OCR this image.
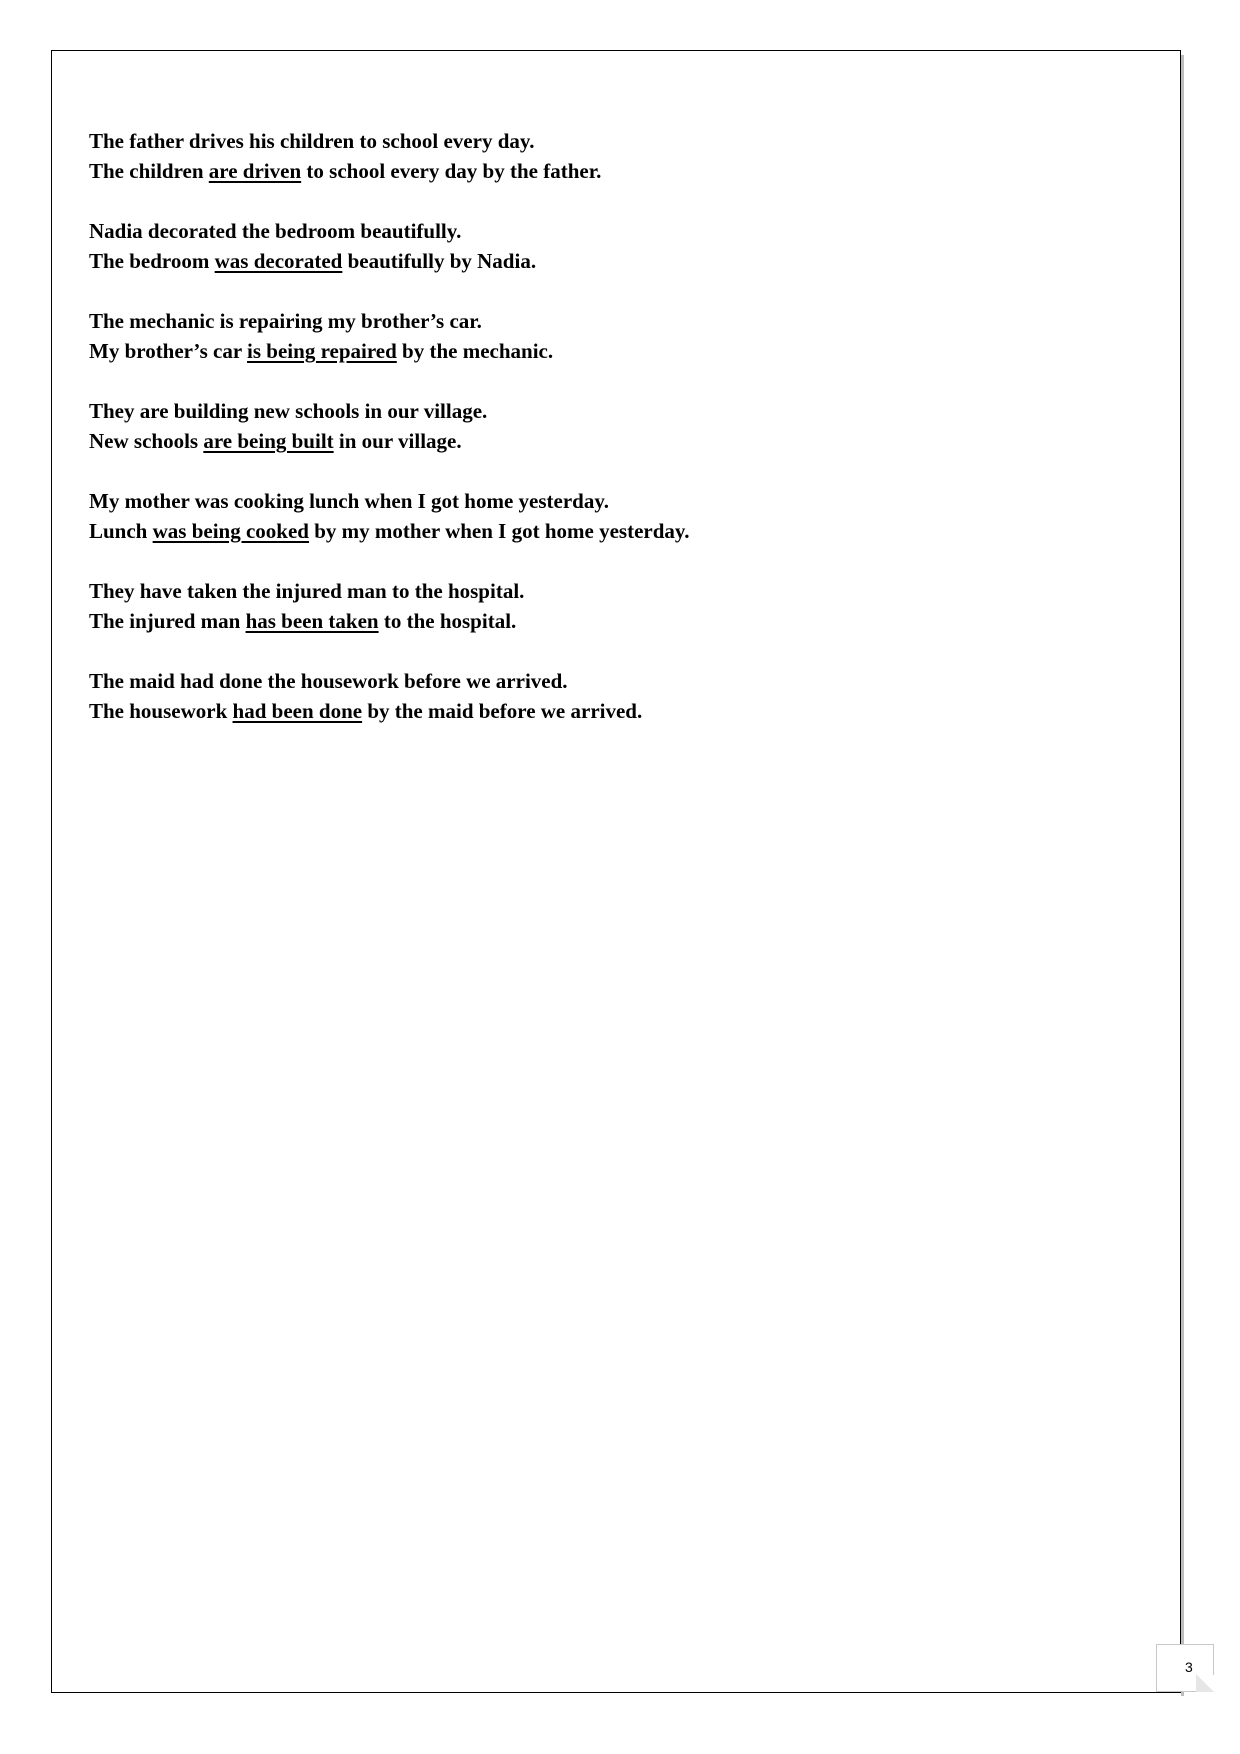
The father drives his children to school every day.
The children are driven to school every day by the father.
Nadia decorated the bedroom beautifully.
The bedroom was decorated beautifully by Nadia.
The mechanic is repairing my brother’s car.
My brother’s car is being repaired by the mechanic.
They are building new schools in our village.
New schools are being built in our village.
My mother was cooking lunch when I got home yesterday.
Lunch was being cooked by my mother when I got home yesterday.
They have taken the injured man to the hospital.
The injured man has been taken to the hospital.
The maid had done the housework before we arrived.
The housework had been done by the maid before we arrived.
3
